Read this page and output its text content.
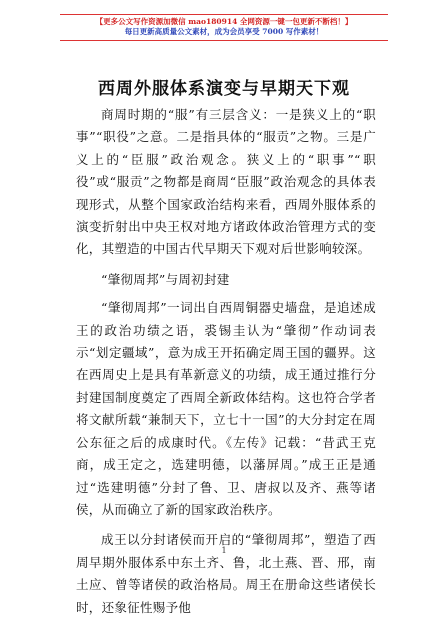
【更多公文写作资源加微信 mao180914 全网资源一键一包更新不断档！】
每日更新高质量公文素材，成为会员享受 7000 写作素材！
西周外服体系演变与早期天下观

商周时期的“服”有三层含义：一是狭义上的“职事”“职役”之意。二是指具体的“服贡”之物。三是广义上的“臣服”政治观念。狭义上的“职事”“职役”或“服贡”之物都是商周“臣服”政治观念的具体表现形式，从整个国家政治结构来看，西周外服体系的演变折射出中央王权对地方诸政体政治管理方式的变化，其塑造的中国古代早期天下观对后世影响较深。

“肇彻周邦”与周初封建

“肇彻周邦”一词出自西周铜器史墙盘，是追述成王的政治功绩之语，裘锡圭认为“肇彻”作动词表示“划定疆域”，意为成王开拓确定周王国的疆界。这在西周史上是具有革新意义的功绩，成王通过推行分封建国制度奠定了西周全新政体结构。这也符合学者将文献所载“兼制天下，立七十一国”的大分封定在周公东征之后的成康时代。《左传》记载：“昔武王克商，成王定之，选建明德，以藩屏周。”成王正是通过“选建明德”分封了鲁、卫、唐叔以及齐、燕等诸侯，从而确立了新的国家政治秩序。

成王以分封诸侯而开启的“肇彻周邦”，塑造了西周早期外服体系中东土齐、鲁，北土燕、晋、邢，南土应、曾等诸侯的政治格局。周王在册命这些诸侯长时，还象征性赐予他

1
